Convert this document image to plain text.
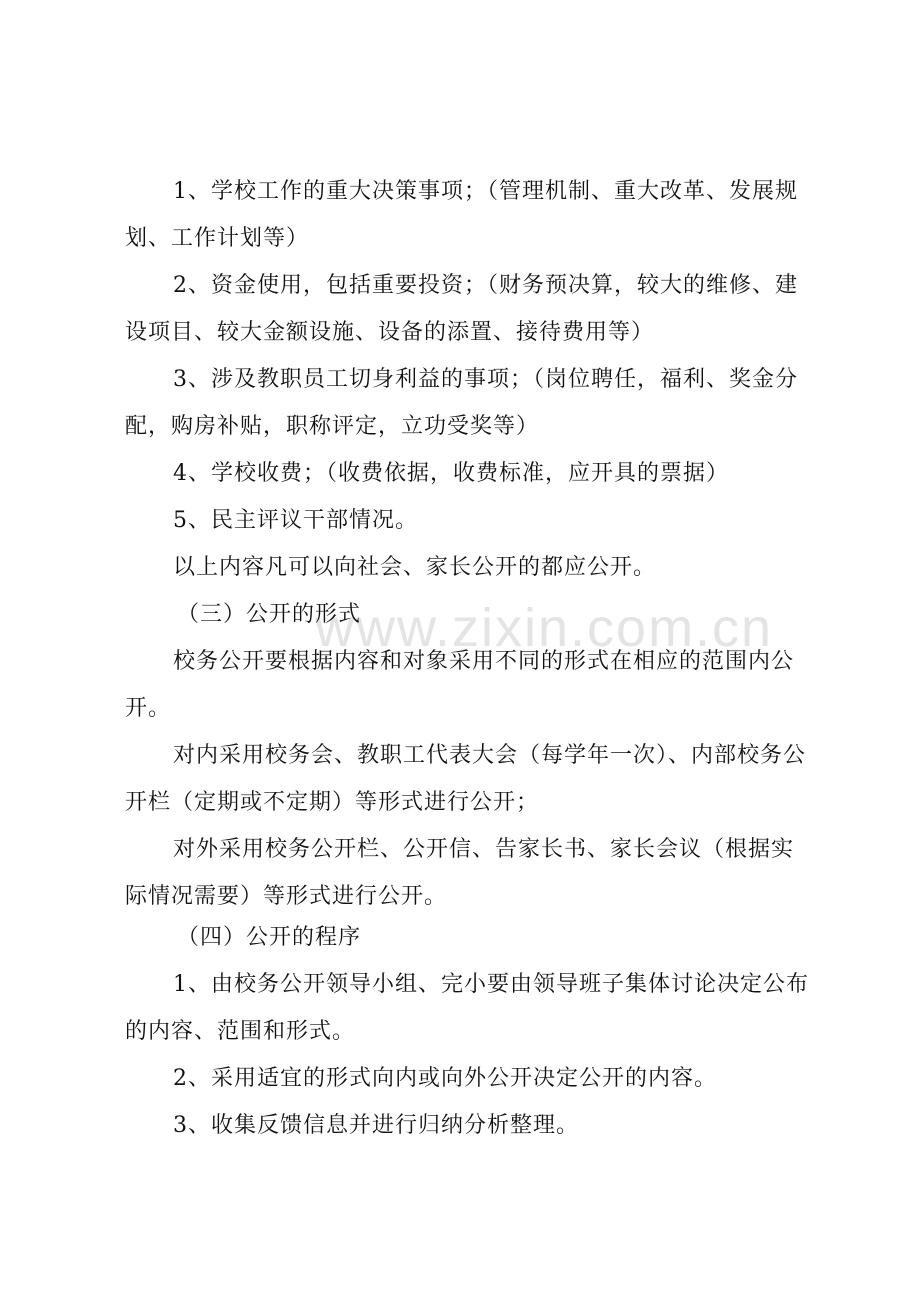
www.zixin.com.cn

1、学校工作的重大决策事项；（管理机制、重大改革、发展规划、工作计划等）

2、资金使用，包括重要投资；（财务预决算，较大的维修、建设项目、较大金额设施、设备的添置、接待费用等）

3、涉及教职员工切身利益的事项；（岗位聘任，福利、奖金分配，购房补贴，职称评定，立功受奖等）

4、学校收费；（收费依据，收费标准，应开具的票据）

5、民主评议干部情况。

以上内容凡可以向社会、家长公开的都应公开。

（三）公开的形式

校务公开要根据内容和对象采用不同的形式在相应的范围内公开。

对内采用校务会、教职工代表大会（每学年一次）、内部校务公开栏（定期或不定期）等形式进行公开；

对外采用校务公开栏、公开信、告家长书、家长会议（根据实际情况需要）等形式进行公开。

（四）公开的程序

1、由校务公开领导小组、完小要由领导班子集体讨论决定公布的内容、范围和形式。

2、采用适宜的形式向内或向外公开决定公开的内容。

3、收集反馈信息并进行归纳分析整理。
